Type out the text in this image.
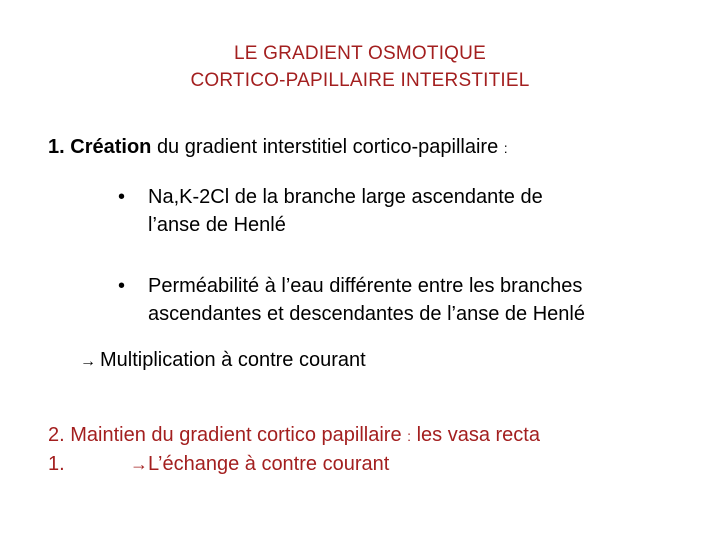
LE GRADIENT OSMOTIQUE
CORTICO-PAPILLAIRE INTERSTITIEL
1. Création du gradient interstitiel cortico-papillaire :
• Na,K-2Cl de la branche large ascendante de
l’anse de Henlé
• Perméabilité à l’eau différente entre les branches
ascendantes et descendantes de l’anse de Henlé
→ Multiplication à contre courant
2. Maintien du gradient cortico papillaire : les vasa recta
1.	→L’échange à contre courant
